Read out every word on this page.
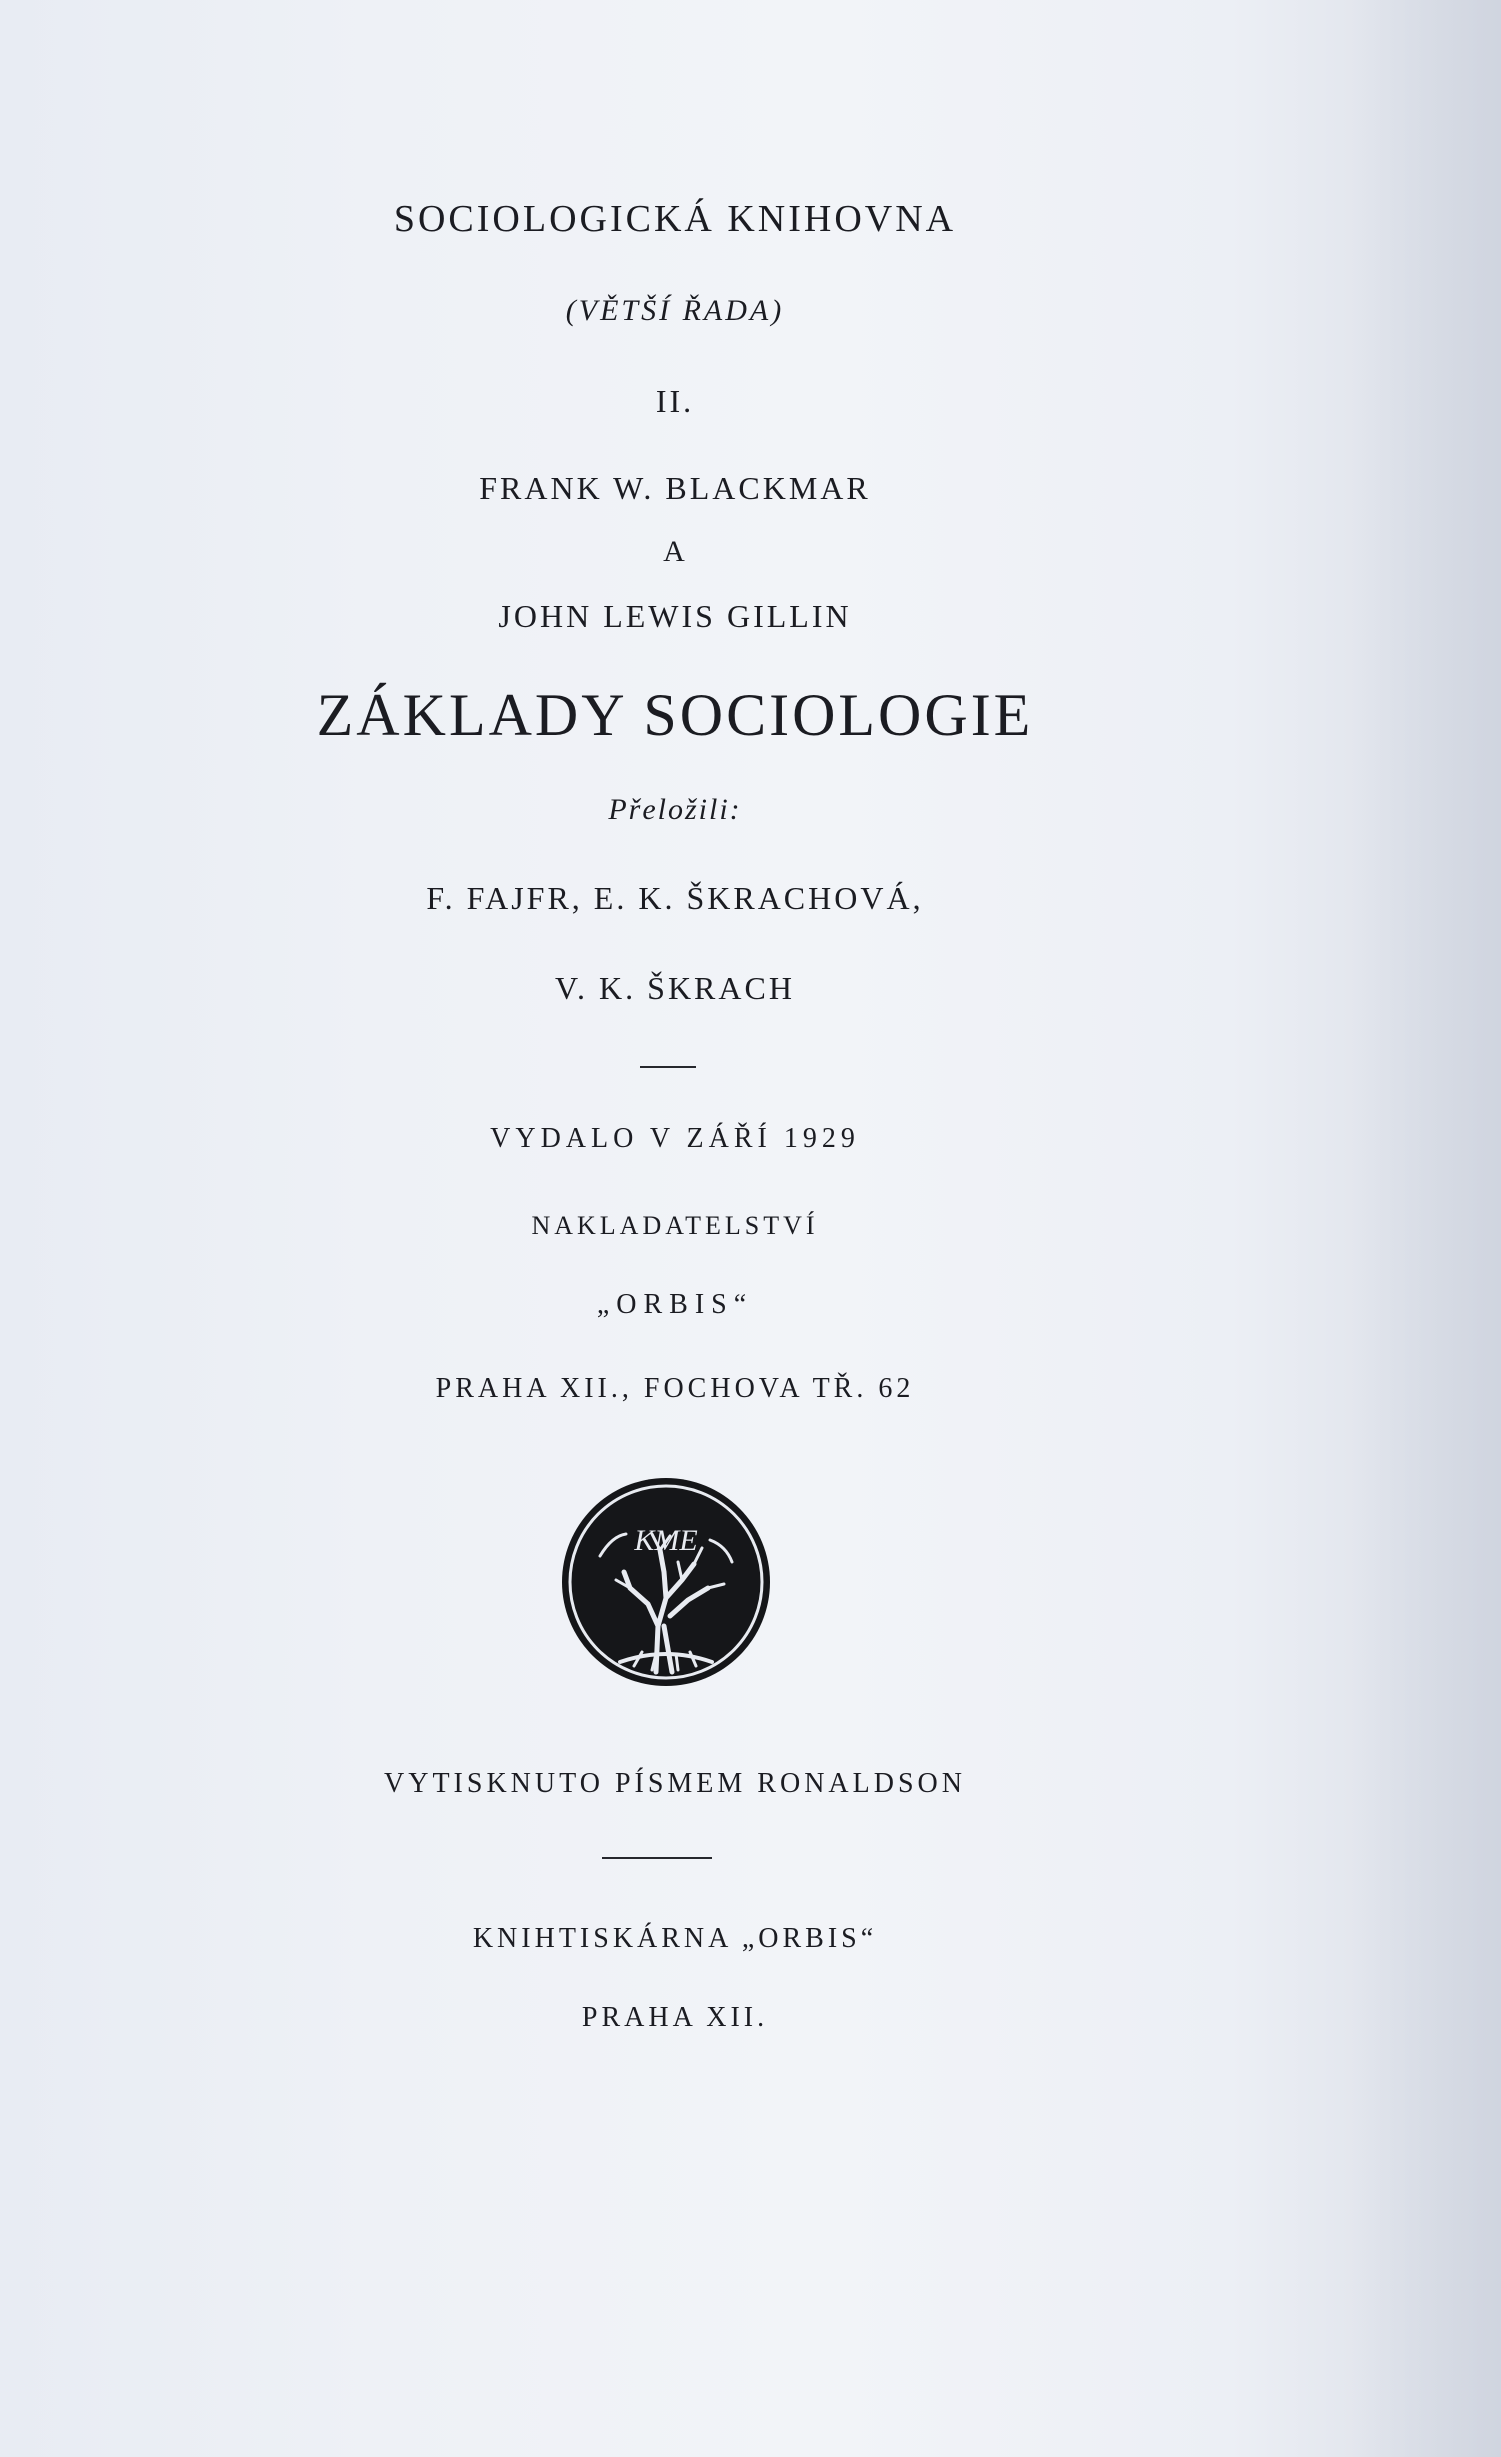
SOCIOLOGICKÁ KNIHOVNA
(VĚTŠÍ ŘADA)
II.
FRANK W. BLACKMAR
A
JOHN LEWIS GILLIN
ZÁKLADY SOCIOLOGIE
Přeložili:
F. FAJFR, E. K. ŠKRACHOVÁ,
V. K. ŠKRACH
VYDALO V ZÁŘÍ 1929
NAKLADATELSTVÍ
„ORBIS“
PRAHA XII., FOCHOVA TŘ. 62
KME
VYTISKNUTO PÍSMEM RONALDSON
KNIHTISKÁRNA „ORBIS“
PRAHA XII.
